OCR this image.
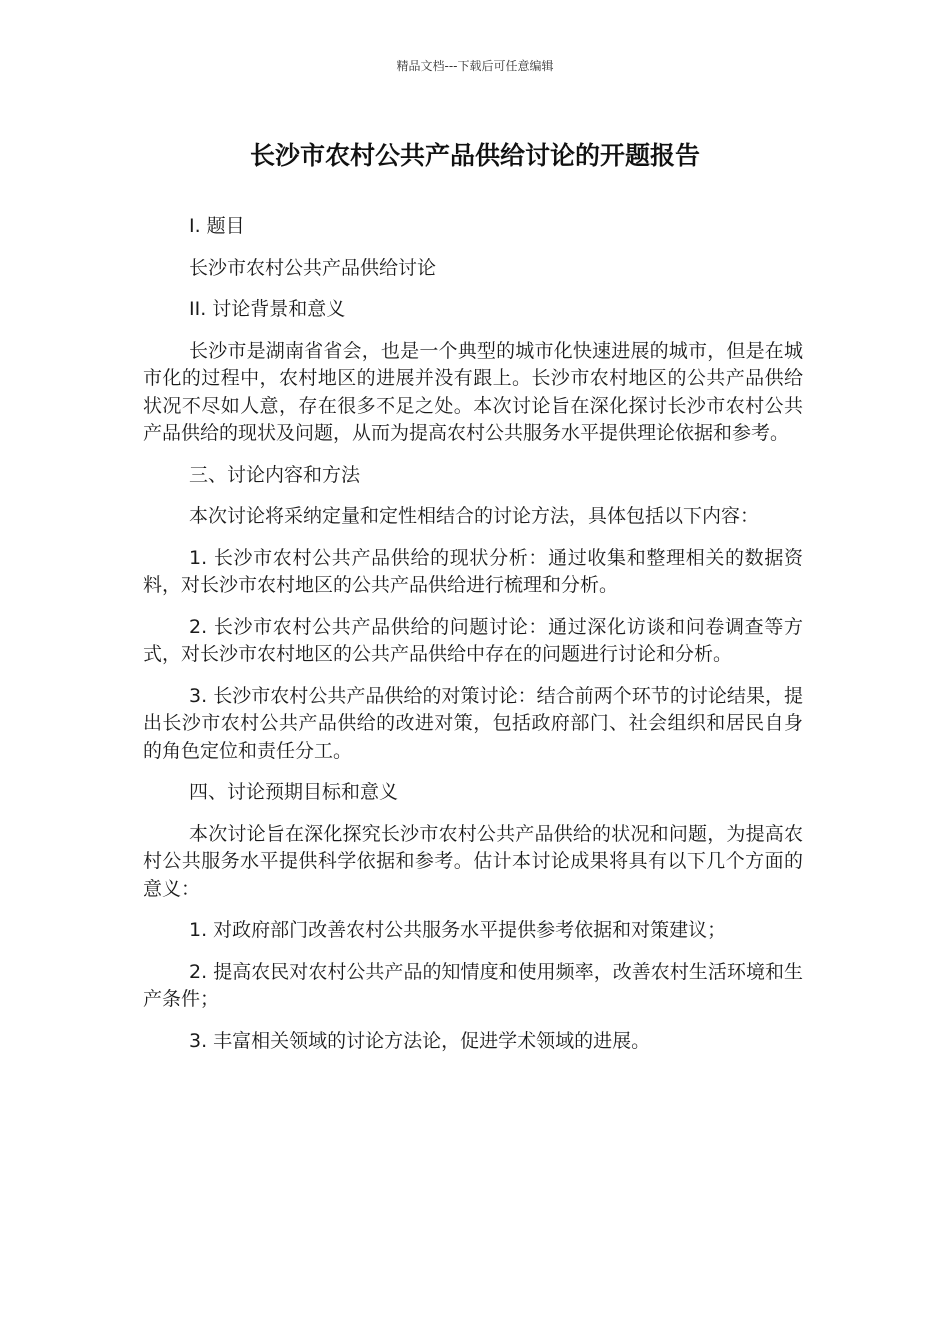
精品文档---下载后可任意编辑
长沙市农村公共产品供给讨论的开题报告

I. 题目

长沙市农村公共产品供给讨论

II. 讨论背景和意义

长沙市是湖南省省会，也是一个典型的城市化快速进展的城市，但是在城市化的过程中，农村地区的进展并没有跟上。长沙市农村地区的公共产品供给状况不尽如人意，存在很多不足之处。本次讨论旨在深化探讨长沙市农村公共产品供给的现状及问题，从而为提高农村公共服务水平提供理论依据和参考。

三、讨论内容和方法

本次讨论将采纳定量和定性相结合的讨论方法，具体包括以下内容：

1. 长沙市农村公共产品供给的现状分析：通过收集和整理相关的数据资料，对长沙市农村地区的公共产品供给进行梳理和分析。

2. 长沙市农村公共产品供给的问题讨论：通过深化访谈和问卷调查等方式，对长沙市农村地区的公共产品供给中存在的问题进行讨论和分析。

3. 长沙市农村公共产品供给的对策讨论：结合前两个环节的讨论结果，提出长沙市农村公共产品供给的改进对策，包括政府部门、社会组织和居民自身的角色定位和责任分工。

四、讨论预期目标和意义

本次讨论旨在深化探究长沙市农村公共产品供给的状况和问题，为提高农村公共服务水平提供科学依据和参考。估计本讨论成果将具有以下几个方面的意义：

1. 对政府部门改善农村公共服务水平提供参考依据和对策建议；

2. 提高农民对农村公共产品的知情度和使用频率，改善农村生活环境和生产条件；

3. 丰富相关领域的讨论方法论，促进学术领域的进展。
